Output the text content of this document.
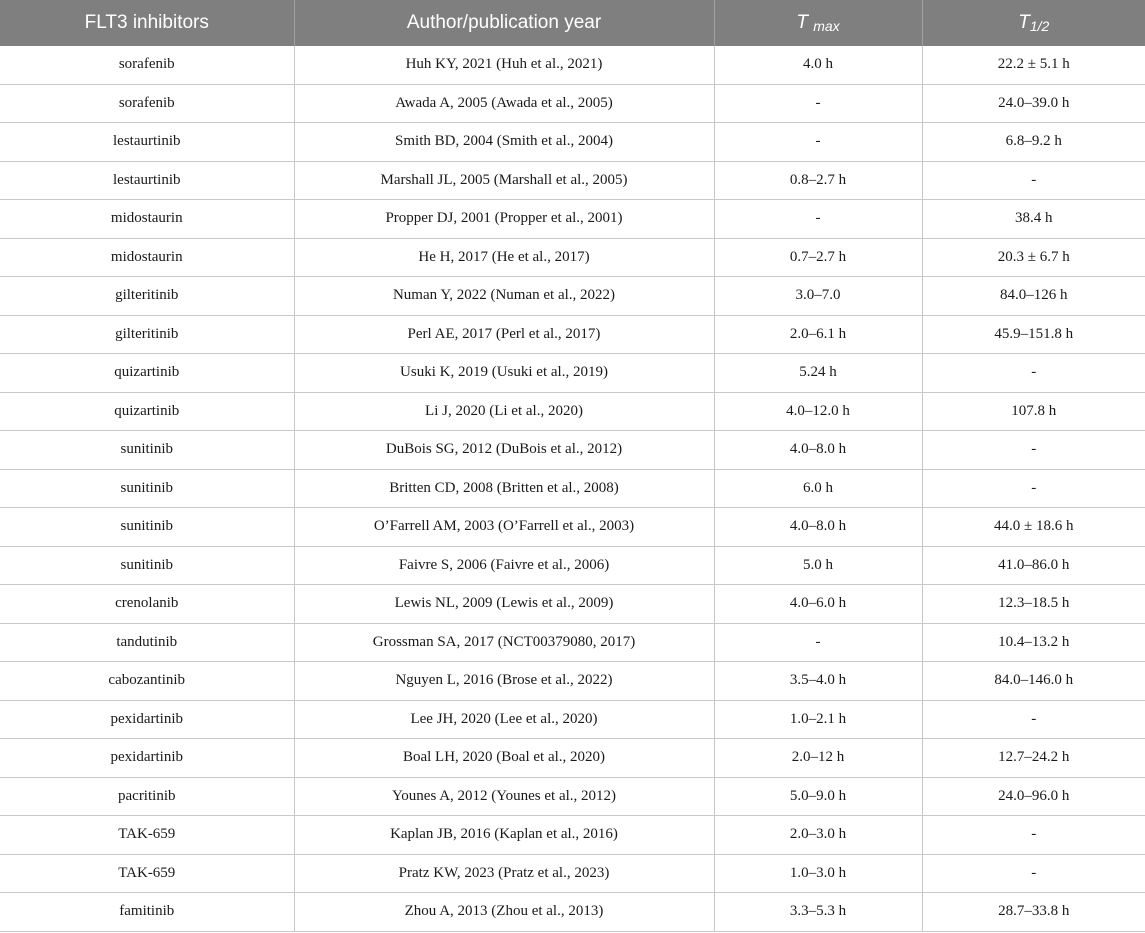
FLT3 inhibitors	Author/publication year	T $_{max}$	$T_{1/2}$
sorafenib	Huh KY, 2021 (Huh et al., 2021)	4.0 h	22.2 ± 5.1 h
sorafenib	Awada A, 2005 (Awada et al., 2005)	-	24.0–39.0 h
lestaurtinib	Smith BD, 2004 (Smith et al., 2004)	-	6.8–9.2 h
lestaurtinib	Marshall JL, 2005 (Marshall et al., 2005)	0.8–2.7 h	-
midostaurin	Propper DJ, 2001 (Propper et al., 2001)	-	38.4 h
midostaurin	He H, 2017 (He et al., 2017)	0.7–2.7 h	20.3 ± 6.7 h
gilteritinib	Numan Y, 2022 (Numan et al., 2022)	3.0–7.0	84.0–126 h
gilteritinib	Perl AE, 2017 (Perl et al., 2017)	2.0–6.1 h	45.9–151.8 h
quizartinib	Usuki K, 2019 (Usuki et al., 2019)	5.24 h	-
quizartinib	Li J, 2020 (Li et al., 2020)	4.0–12.0 h	107.8 h
sunitinib	DuBois SG, 2012 (DuBois et al., 2012)	4.0–8.0 h	-
sunitinib	Britten CD, 2008 (Britten et al., 2008)	6.0 h	-
sunitinib	O’Farrell AM, 2003 (O’Farrell et al., 2003)	4.0–8.0 h	44.0 ± 18.6 h
sunitinib	Faivre S, 2006 (Faivre et al., 2006)	5.0 h	41.0–86.0 h
crenolanib	Lewis NL, 2009 (Lewis et al., 2009)	4.0–6.0 h	12.3–18.5 h
tandutinib	Grossman SA, 2017 (NCT00379080, 2017)	-	10.4–13.2 h
cabozantinib	Nguyen L, 2016 (Brose et al., 2022)	3.5–4.0 h	84.0–146.0 h
pexidartinib	Lee JH, 2020 (Lee et al., 2020)	1.0–2.1 h	-
pexidartinib	Boal LH, 2020 (Boal et al., 2020)	2.0–12 h	12.7–24.2 h
pacritinib	Younes A, 2012 (Younes et al., 2012)	5.0–9.0 h	24.0–96.0 h
TAK-659	Kaplan JB, 2016 (Kaplan et al., 2016)	2.0–3.0 h	-
TAK-659	Pratz KW, 2023 (Pratz et al., 2023)	1.0–3.0 h	-
famitinib	Zhou A, 2013 (Zhou et al., 2013)	3.3–5.3 h	28.7–33.8 h
